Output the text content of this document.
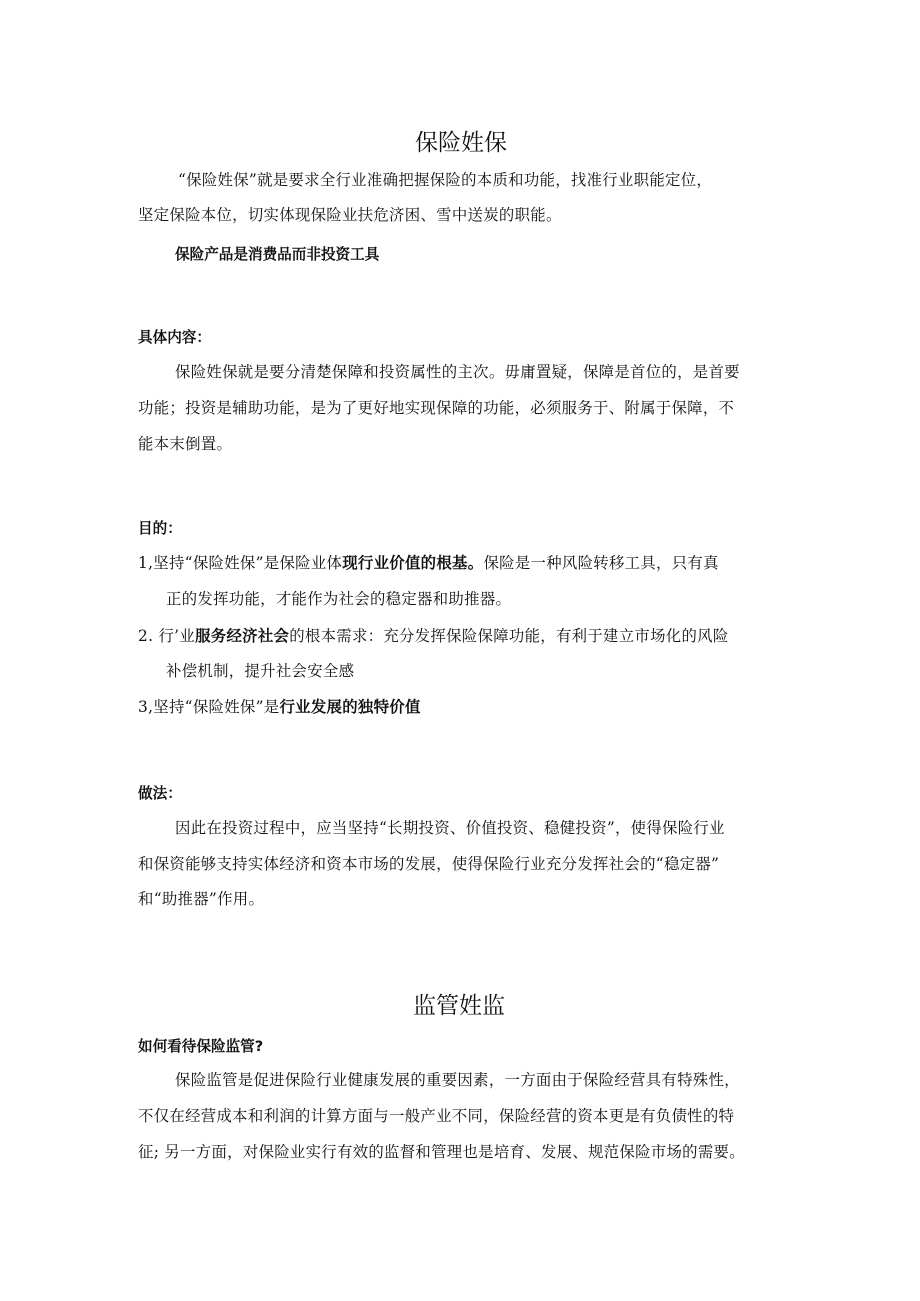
保险姓保
“保险姓保”就是要求全行业准确把握保险的本质和功能，找准行业职能定位，
坚定保险本位，切实体现保险业扶危济困、雪中送炭的职能。
保险产品是消费品而非投资工具
具体内容：
保险姓保就是要分清楚保障和投资属性的主次。毋庸置疑，保障是首位的，是首要
功能；投资是辅助功能，是为了更好地实现保障的功能，必须服务于、附属于保障，不
能本末倒置。
目的：
1,坚持“保险姓保”是保险业体现行业价值的根基。保险是一种风险转移工具，只有真
正的发挥功能，才能作为社会的稳定器和助推器。
2. 行’业服务经济社会的根本需求：充分发挥保险保障功能，有利于建立市场化的风险
补偿机制，提升社会安全感
3,坚持“保险姓保”是行业发展的独特价值
做法：
因此在投资过程中，应当坚持“长期投资、价值投资、稳健投资”，使得保险行业
和保资能够支持实体经济和资本市场的发展，使得保险行业充分发挥社会的“稳定器”
和“助推器”作用。
监管姓监
如何看待保险监管?
保险监管是促进保险行业健康发展的重要因素，一方面由于保险经营具有特殊性，
不仅在经营成本和利润的计算方面与一般产业不同，保险经营的资本更是有负债性的特
征; 另一方面，对保险业实行有效的监督和管理也是培育、发展、规范保险市场的需要。
